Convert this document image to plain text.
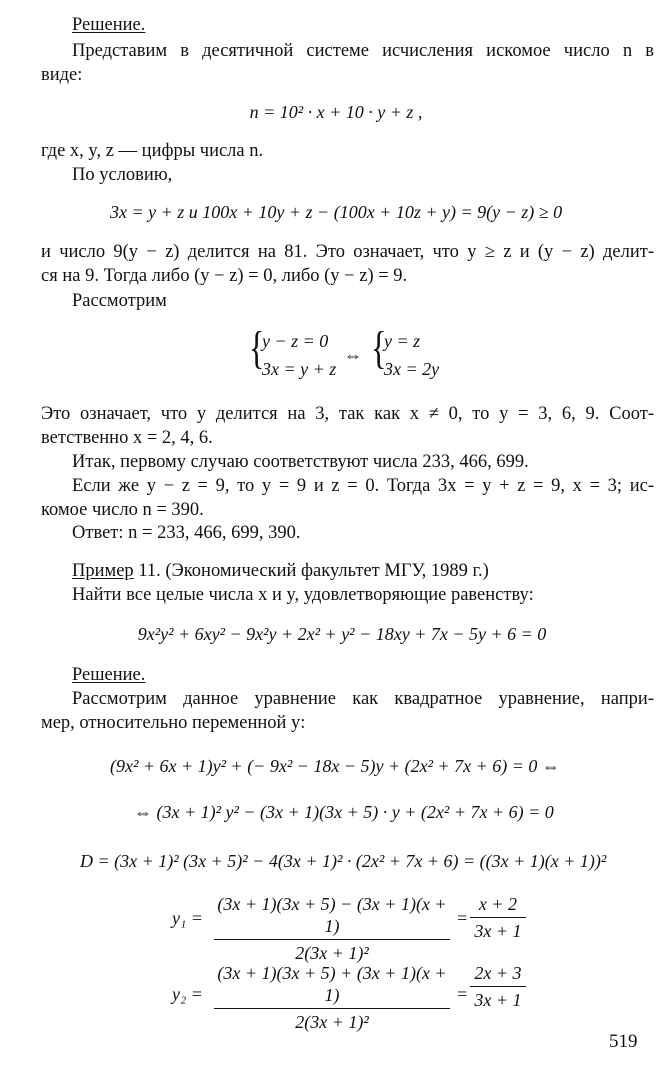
Решение.
Представим в десятичной системе исчисления искомое число n в
виде:
n = 10² · x + 10 · y + z ,
где x, y, z — цифры числа n.
По условию,
3x = y + z и 100x + 10y + z − (100x + 10z + y) = 9(y − z) ≥ 0
и число 9(y − z) делится на 81. Это означает, что y ≥ z и (y − z) делит-
ся на 9. Тогда либо (y − z) = 0, либо (y − z) = 9.
Рассмотрим
{
y − z = 0
3x = y + z
⇔ {
y = z
3x = 2y
Это означает, что y делится на 3, так как x ≠ 0, то y = 3, 6, 9. Соот-
ветственно x = 2, 4, 6.
Итак, первому случаю соответствуют числа 233, 466, 699.
Если же y − z = 9, то y = 9 и z = 0. Тогда 3x = y + z = 9, x = 3; ис-
комое число n = 390.
Ответ: n = 233, 466, 699, 390.
Пример 11. (Экономический факультет МГУ, 1989 г.)
Найти все целые числа x и y, удовлетворяющие равенству:
9x²y² + 6xy² − 9x²y + 2x² + y² − 18xy + 7x − 5y + 6 = 0
Решение.
Рассмотрим данное уравнение как квадратное уравнение, напри-
мер, относительно переменной y:
(9x² + 6x + 1)y² + (− 9x² − 18x − 5)y + (2x² + 7x + 6) = 0 ⇔
⇔ (3x + 1)² y² − (3x + 1)(3x + 5) · y + (2x² + 7x + 6) = 0
D = (3x + 1)² (3x + 5)² − 4(3x + 1)² · (2x² + 7x + 6) = ((3x + 1)(x + 1))²
$y_1 = \frac{(3x + 1)(3x + 5) - (3x + 1)(x + 1)}{\text{2(3x + 1)²}} = \frac{x + 2}{3x + 1}$
$y_2 = \frac{(3x + 1)(3x + 5) + (3x + 1)(x + 1)}{\text{2(3x + 1)²}} = \frac{2x + 3}{3x + 1}$
519
